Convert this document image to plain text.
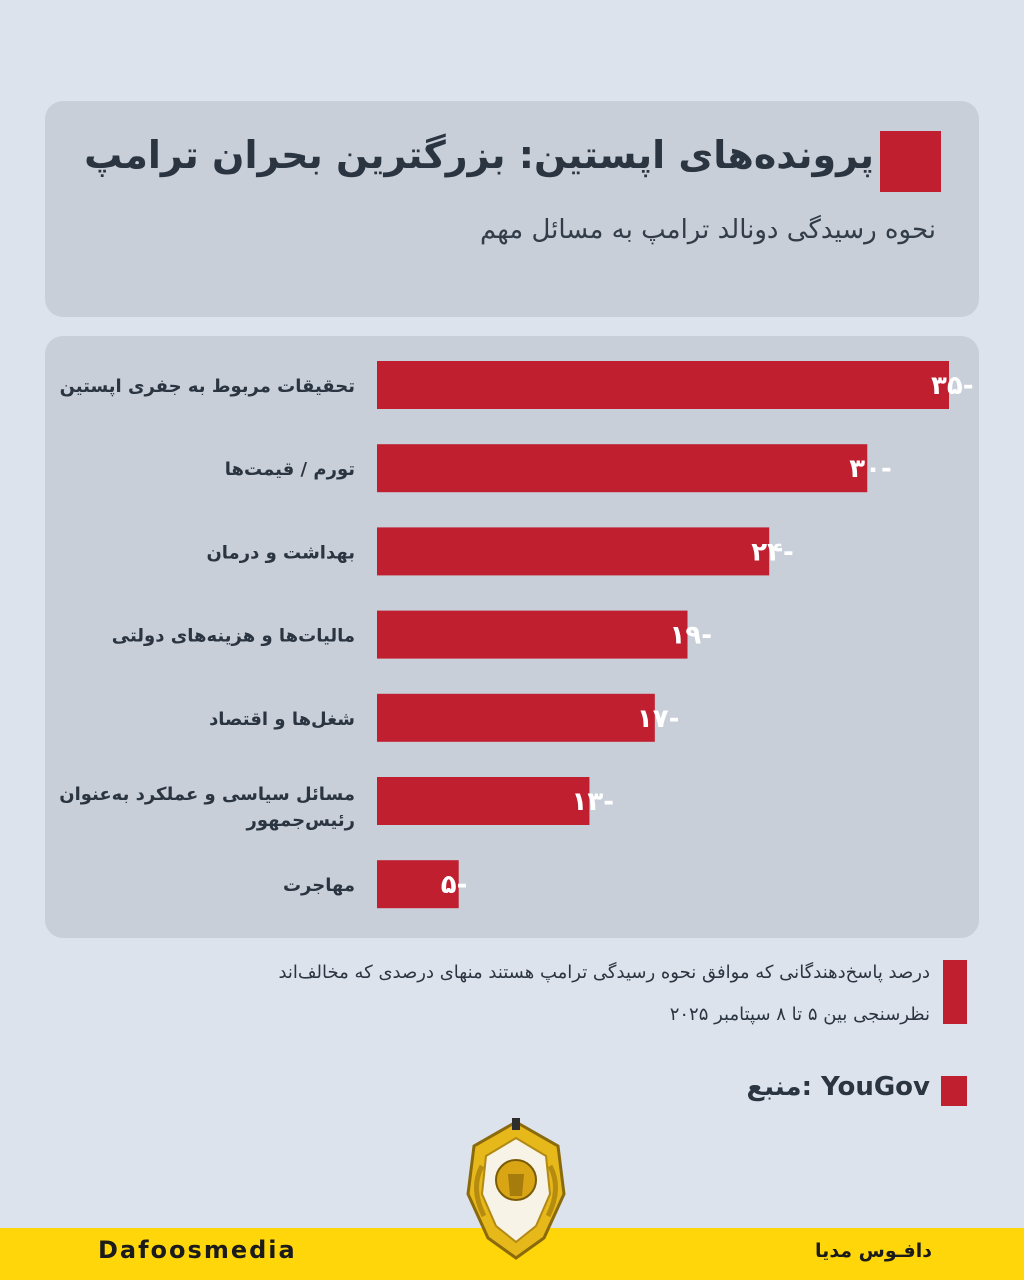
پرونده‌های اپستین: بزرگترین بحران ترامپ
نحوه رسیدگی دونالد ترامپ به مسائل مهم
-۳۵
تحقیقات مربوط به جفری اپستین
-۳۰
تورم / قیمت‌ها
-۲۴
بهداشت و درمان
-۱۹
مالیات‌ها و هزینه‌های دولتی
-۱۷
شغل‌ها و اقتصاد
-۱۳
مسائل سیاسی و عملکرد به‌عنوان
رئیس‌جمهور
-۵
مهاجرت
درصد پاسخ‌دهندگانی که موافق نحوه رسیدگی ترامپ هستند منهای درصدی که مخالف‌اند
نظرسنجی بین ۵ تا ۸ سپتامبر ۲۰۲۵
منبع: YouGov
Dafoosmedia	دافـوس مدیا
